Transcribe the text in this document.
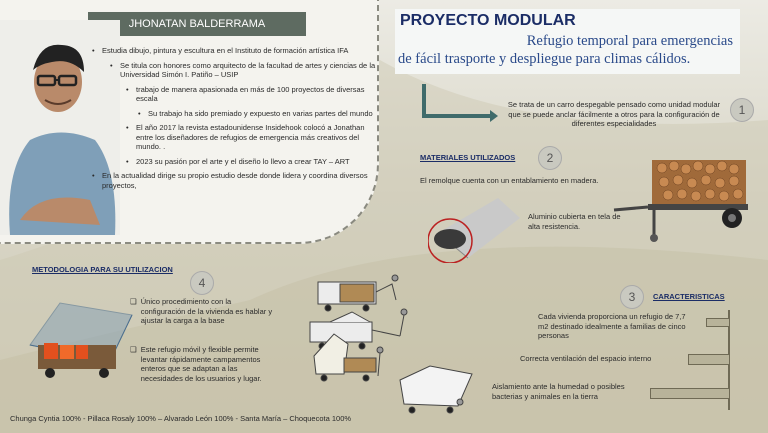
JHONATAN BALDERRAMA
• Estudia dibujo, pintura y escultura en el Instituto de formación artística IFA
• Se titula con honores como arquitecto de la facultad de artes y ciencias de la Universidad Simón I. Patiño – USIP
• trabajo de manera apasionada en más de 100 proyectos de diversas escala
• Su trabajo ha sido premiado y expuesto en varias partes del mundo
• El año 2017 la revista estadounidense Insidehook colocó a Jonathan entre los diseñadores de refugios de emergencia más creativos del mundo. .
• 2023 su pasión por el arte y el diseño lo llevo a crear TAY – ART
• En la actualidad dirige su propio estudio desde donde lidera y coordina diversos proyectos,
PROYECTO MODULAR
Refugio temporal para emergencias
de fácil trasporte y despliegue para climas cálidos.
Se trata de un carro despegable pensado como unidad modular que se puede anclar fácilmente a otros para la configuración de diferentes especialidades
1
MATERIALES UTILIZADOS	2
El remolque cuenta con un entablamiento en madera.
Aluminio cubierta en tela de alta resistencia.
METODOLOGIA PARA SU UTILIZACION
4
❑ Único procedimiento con la configuración de la vivienda es hablar y ajustar la carga a la base
❑ Este refugio móvil y flexible permite levantar rápidamente campamentos enteros que se adaptan a las necesidades de los usuarios y lugar.
3	CARACTERISTICAS
Cada vivienda proporciona un refugio de 7,7 m2 destinado idealmente a familias de cinco personas
Correcta ventilación del espacio interno
Aislamiento ante la humedad o posibles bacterias y animales en la tierra
Chunga Cyntia 100% - Pillaca Rosaly 100% – Alvarado León 100% - Santa María – Choquecota 100%
